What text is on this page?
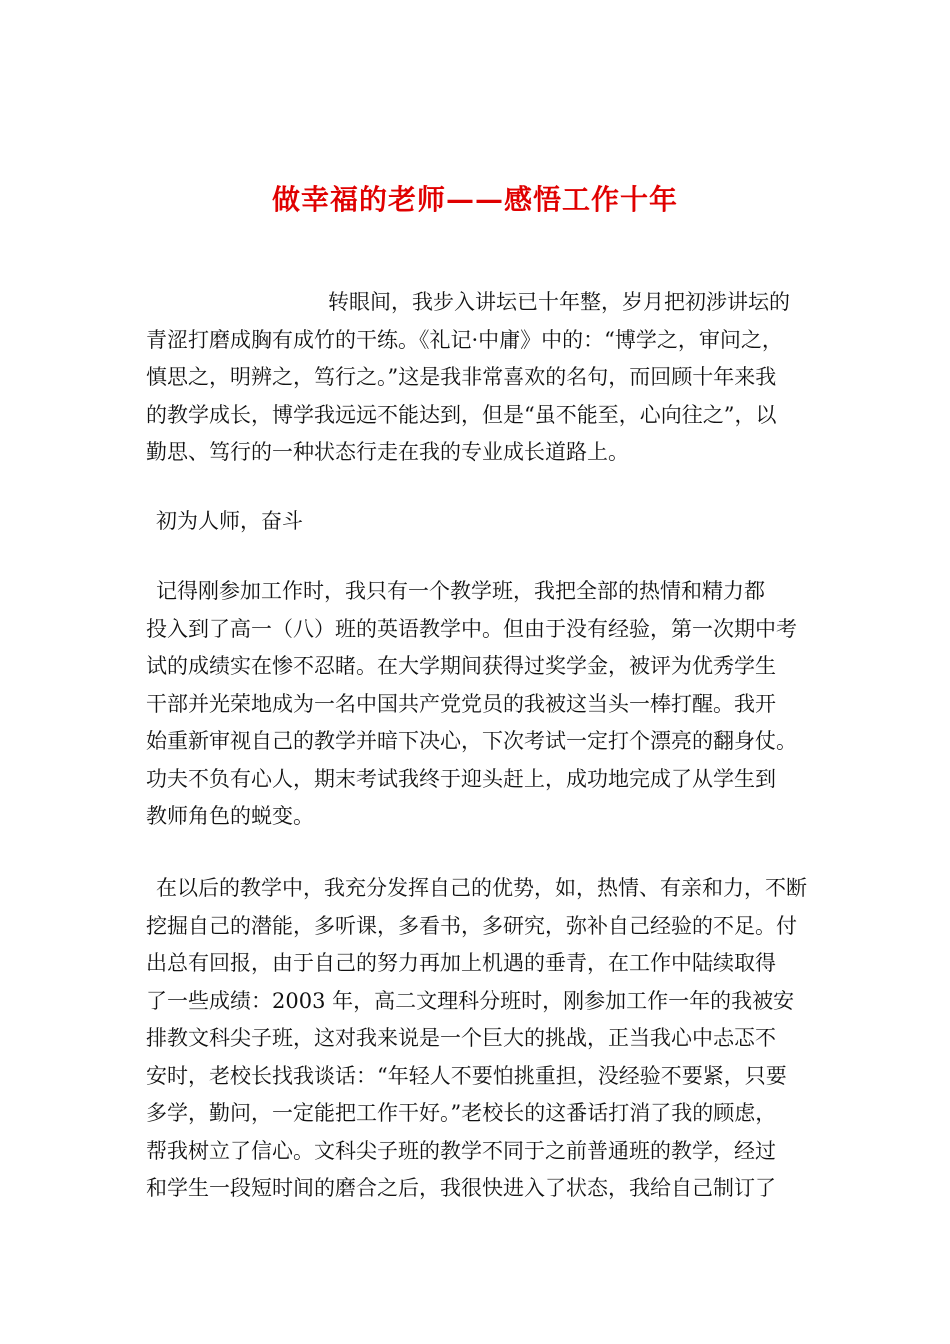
做幸福的老师——感悟工作十年

转眼间，我步入讲坛已十年整，岁月把初涉讲坛的
青涩打磨成胸有成竹的干练。《礼记·中庸》中的：“博学之，审问之，
慎思之，明辨之，笃行之。”这是我非常喜欢的名句，而回顾十年来我
的教学成长，博学我远远不能达到，但是“虽不能至，心向往之”，以
勤思、笃行的一种状态行走在我的专业成长道路上。

初为人师，奋斗

记得刚参加工作时，我只有一个教学班，我把全部的热情和精力都
投入到了高一（八）班的英语教学中。但由于没有经验，第一次期中考
试的成绩实在惨不忍睹。在大学期间获得过奖学金，被评为优秀学生
干部并光荣地成为一名中国共产党党员的我被这当头一棒打醒。我开
始重新审视自己的教学并暗下决心，下次考试一定打个漂亮的翻身仗。
功夫不负有心人，期末考试我终于迎头赶上，成功地完成了从学生到
教师角色的蜕变。

在以后的教学中，我充分发挥自己的优势，如，热情、有亲和力，不断
挖掘自己的潜能，多听课，多看书，多研究，弥补自己经验的不足。付
出总有回报，由于自己的努力再加上机遇的垂青，在工作中陆续取得
了一些成绩：2003 年，高二文理科分班时，刚参加工作一年的我被安
排教文科尖子班，这对我来说是一个巨大的挑战，正当我心中忐忑不
安时，老校长找我谈话：“年轻人不要怕挑重担，没经验不要紧，只要
多学，勤问，一定能把工作干好。”老校长的这番话打消了我的顾虑，
帮我树立了信心。文科尖子班的教学不同于之前普通班的教学，经过
和学生一段短时间的磨合之后，我很快进入了状态，我给自己制订了
